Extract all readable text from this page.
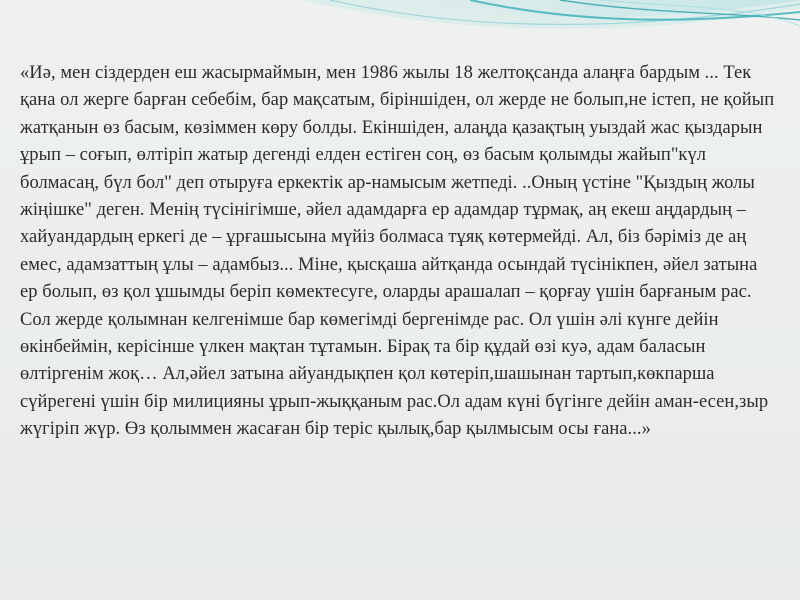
«Иә, мен сіздерден еш жасырмаймын, мен 1986 жылы 18 желтоқсанда алаңға бардым ... Тек қана ол жерге барған себебім, бар мақсатым, біріншіден, ол жерде не болып,не істеп, не қойып жатқанын өз басым, көзіммен көру болды. Екіншіден, алаңда қазақтың уыздай жас қыздарын ұрып – соғып, өлтіріп жатыр дегенді елден естіген соң, өз басым қолымды жайып"күл болмасаң, бүл бол" деп отыруға еркектік ар-намысым жетпеді. ..Оның үстіне "Қыздың жолы жіңішке" деген. Менің түсінігімше, әйел адамдарға ер адамдар тұрмақ, аң екеш аңдардың – хайуандардың еркегі де – ұрғашысына мүйіз болмаса тұяқ көтермейді. Ал, біз бәріміз де аң емес, адамзаттың ұлы – адамбыз... Міне, қысқаша айтқанда осындай түсінікпен, әйел затына ер болып, өз қол ұшымды беріп көмектесуге, оларды арашалап – қорғау үшін барғаным рас. Сол жерде қолымнан келгенімше бар көмегімді бергенімде рас. Ол үшін әлі күнге дейін өкінбеймін, керісінше үлкен мақтан тұтамын. Бірақ та бір құдай өзі куә, адам баласын өлтіргенім жоқ… Ал,әйел затына айуандықпен қол көтеріп,шашынан тартып,көкпарша сүйрегені үшін бір милицияны ұрып-жыққаным рас.Ол адам күні бүгінге дейін аман-есен,зыр жүгіріп жүр. Өз қолыммен жасаған бір теріс қылық,бар қылмысым осы ғана...»
